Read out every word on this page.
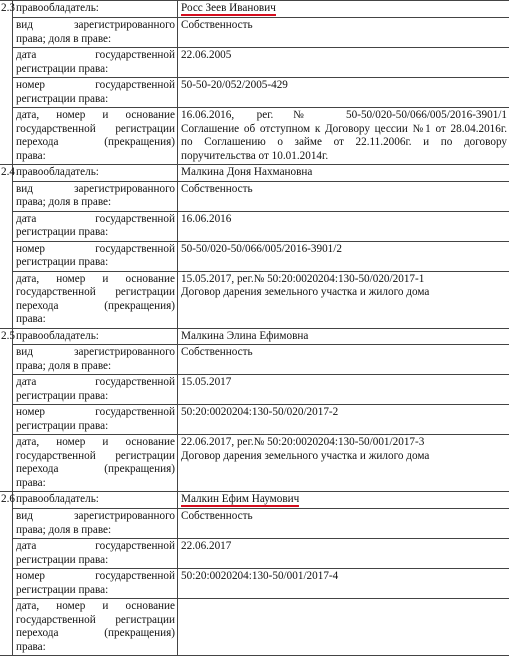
2.3	правообладатель:	Росс Зеев Иванович

	вид зарегистрированного
права; доля в праве:	Собственность

	дата государственной
регистрации права:	22.06.2005

	номер государственной
регистрации права:	50-50-20/052/2005-429

	дата, номер и основание
государственной регистрации
перехода (прекращения)
права:	16.06.2016, рег.№ 50-50/020-50/066/005/2016-3901/1
Соглашение об отступном к Договору цессии №1 от 28.04.2016г.
по Соглашению о займе от 22.11.2006г. и по договору
поручительства от 10.01.2014г.

2.4	правообладатель:	Малкина Доня Нахмановна

	вид зарегистрированного
права; доля в праве:	Собственность

	дата государственной
регистрации права:	16.06.2016

	номер государственной
регистрации права:	50-50/020-50/066/005/2016-3901/2

	дата, номер и основание
государственной регистрации
перехода (прекращения)
права:	15.05.2017, рег.№ 50:20:0020204:130-50/020/2017-1
Договор дарения земельного участка и жилого дома

2.5	правообладатель:	Малкина Элина Ефимовна

	вид зарегистрированного
права; доля в праве:	Собственность

	дата государственной
регистрации права:	15.05.2017

	номер государственной
регистрации права:	50:20:0020204:130-50/020/2017-2

	дата, номер и основание
государственной регистрации
перехода (прекращения)
права:	22.06.2017, рег.№ 50:20:0020204:130-50/001/2017-3
Договор дарения земельного участка и жилого дома

2.6	правообладатель:	Малкин Ефим Наумович

	вид зарегистрированного
права; доля в праве:	Собственность

	дата государственной
регистрации права:	22.06.2017

	номер государственной
регистрации права:	50:20:0020204:130-50/001/2017-4

	дата, номер и основание
государственной регистрации
перехода (прекращения)
права:	
